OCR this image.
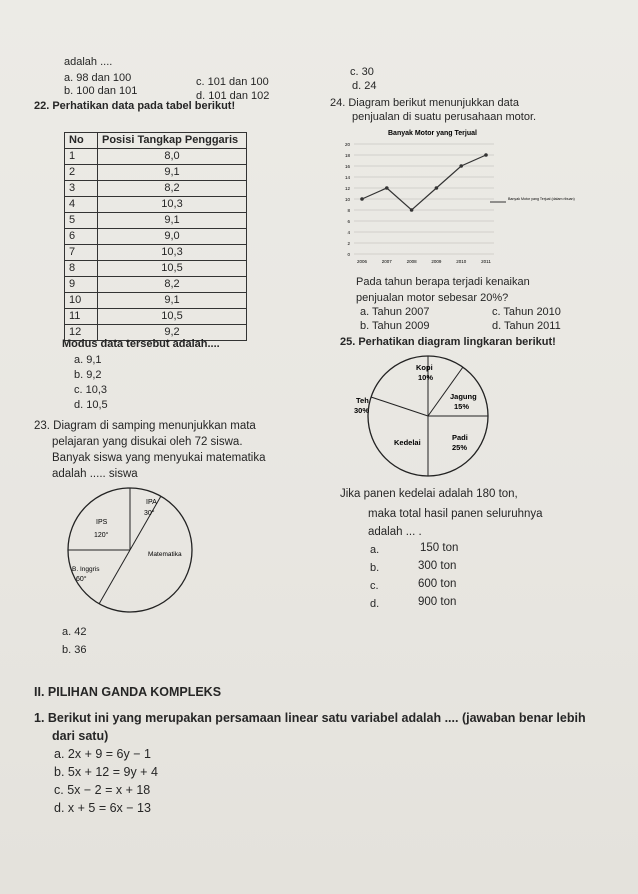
adalah ....
a. 98 dan 100
b. 100 dan 101
c. 101 dan 100
d. 101 dan 102
c. 30
d. 24
22. Perhatikan data pada tabel berikut!
No	Posisi Tangkap Penggaris
1	8,0
2	9,1
3	8,2
4	10,3
5	9,1
6	9,0
7	10,3
8	10,5
9	8,2
10	9,1
11	10,5
12	9,2
Modus data tersebut adalah....
a. 9,1
b. 9,2
c. 10,3
d. 10,5
23. Diagram di samping menunjukkan mata
pelajaran yang disukai oleh 72 siswa.
Banyak siswa yang menyukai matematika
adalah ..... siswa
IPA
30°
IPS
120°
Matematika
B. Inggris
60°
a. 42
b. 36
24. Diagram berikut menunjukkan data
penjualan di suatu perusahaan motor.
Banyak Motor yang Terjual
0
2
4
6
8
10
12
14
16
18
20
2006	2007	2008	2009	2010	2011
Banyak Motor yang Terjual (dalam ribuan)
Pada tahun berapa terjadi kenaikan
penjualan motor sebesar 20%?
a. Tahun 2007
b. Tahun 2009
c. Tahun 2010
d. Tahun 2011
25. Perhatikan diagram lingkaran berikut!
Kopi
10%
Jagung
15%
Teh
30%
Kedelai
Padi
25%
Jika panen kedelai adalah 180 ton,
maka total hasil panen seluruhnya
adalah ... .
a.	150 ton
b.	300 ton
c.	600 ton
d.	900 ton
II. PILIHAN GANDA KOMPLEKS
1. Berikut ini yang merupakan persamaan linear satu variabel adalah .... (jawaban benar lebih
dari satu)
a. 2x + 9 = 6y − 1
b. 5x + 12 = 9y + 4
c. 5x − 2 = x + 18
d. x + 5 = 6x − 13
